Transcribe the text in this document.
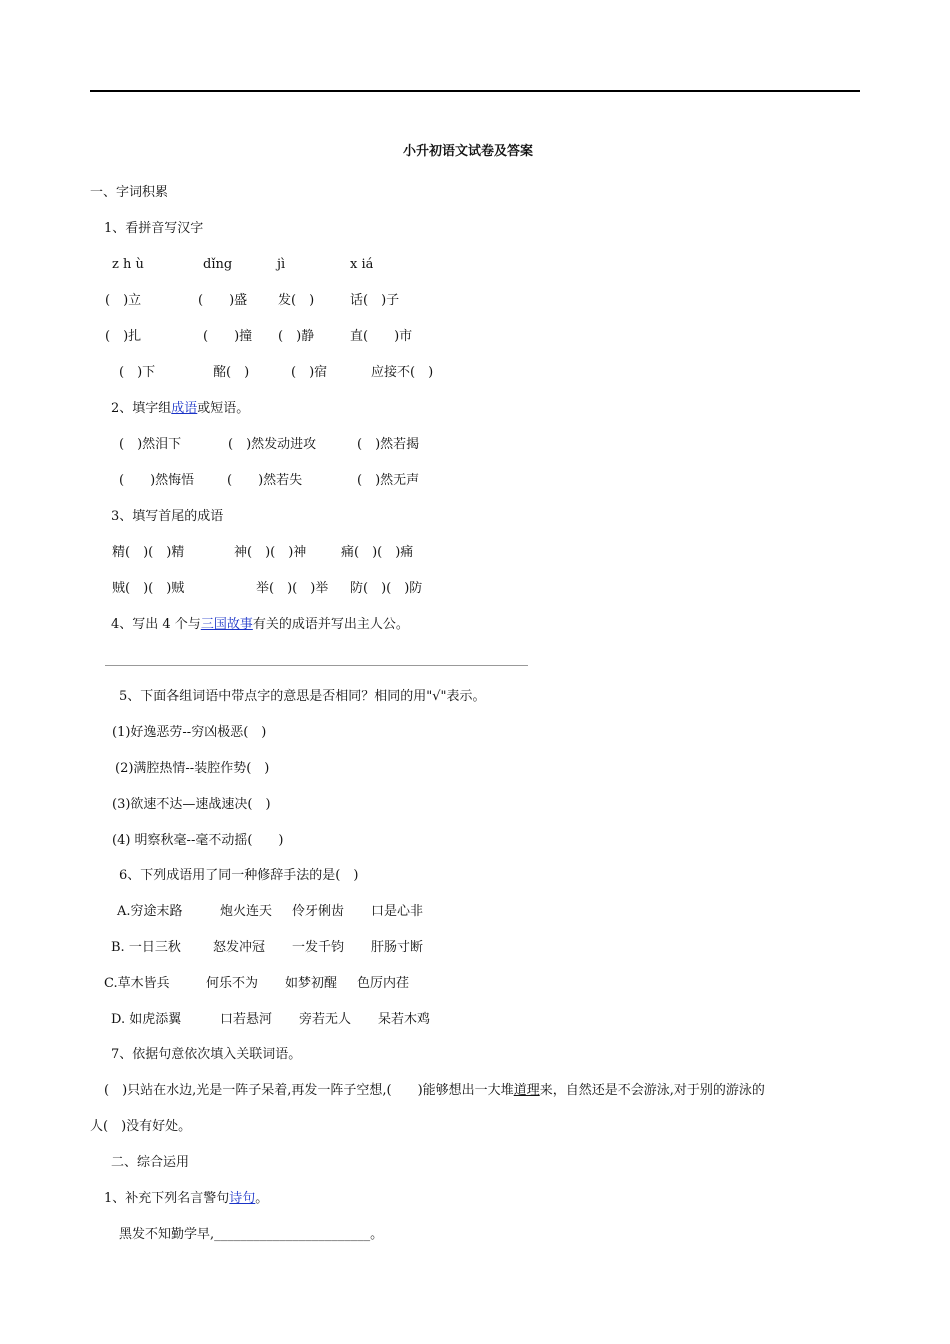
小升初语文试卷及答案
一、字词积累
1、看拼音写汉字
z h ù	dǐng	jì	x iá
(　)立	(　　)盛 发(　)	话(　)子
(　)扎	(　　)撞 (　)静	直(　　)市
(　)下	酩(　)	(　)宿	应接不(　)
2、填字组成语或短语。
(　)然泪下	(　)然发动进攻	(　)然若揭
(　　)然悔悟	(　　)然若失	(　)然无声
3、填写首尾的成语
精(　)(　)精	神(　)(　)神	痛(　)(　)痛
贼(　)(　)贼	举(　)(　)举 防(　)(　)防
4、写出 4 个与三国故事有关的成语并写出主人公。
5、下面各组词语中带点字的意思是否相同？相同的用"√"表示。
(1)好逸恶劳--穷凶极恶(　)
(2)满腔热情--装腔作势(　)
(3)欲速不达—速战速决(　)
(4) 明察秋毫--毫不动摇(　　)
6、下列成语用了同一种修辞手法的是(　)
A.穷途末路	炮火连天 伶牙俐齿 口是心非
B. 一日三秋 怒发冲冠 一发千钧 肝肠寸断
C.草木皆兵	何乐不为 如梦初醒 色厉内荏
D. 如虎添翼	口若悬河 旁若无人 呆若木鸡
7、依据句意依次填入关联词语。
(　)只站在水边,光是一阵子呆着,再发一阵子空想,(　　)能够想出一大堆道理来，自然还是不会游泳,对于别的游泳的
人(　)没有好处。
二、综合运用
1、补充下列名言警句诗句。
黑发不知勤学早,________________________。
